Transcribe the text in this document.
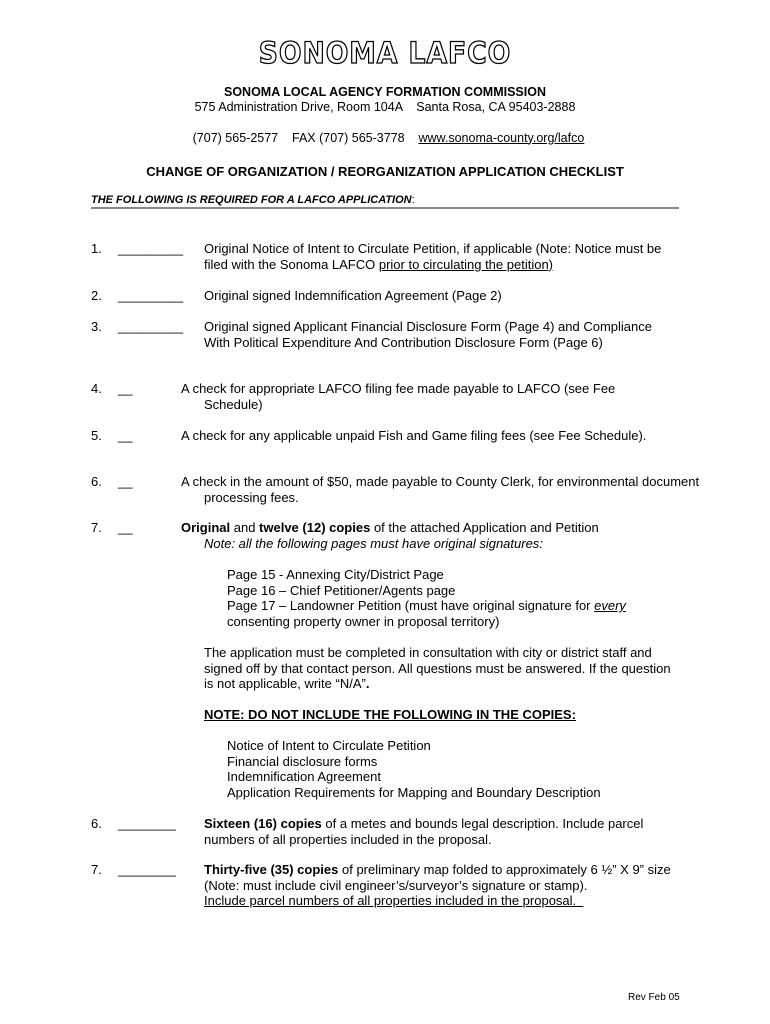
SONOMA LAFCO
SONOMA LOCAL AGENCY FORMATION COMMISSION
575 Administration Drive, Room 104A    Santa Rosa, CA 95403-2888

(707) 565-2577    FAX (707) 565-3778    www.sonoma-county.org/lafco

CHANGE OF ORGANIZATION / REORGANIZATION APPLICATION CHECKLIST
THE FOLLOWING IS REQUIRED FOR A LAFCO APPLICATION:
1. _________ Original Notice of Intent to Circulate Petition, if applicable (Note: Notice must be filed with the Sonoma LAFCO prior to circulating the petition)
2. _________ Original signed Indemnification Agreement (Page 2)
3. _________ Original signed Applicant Financial Disclosure Form (Page 4) and Compliance With Political Expenditure And Contribution Disclosure Form (Page 6)
4. __	A check for appropriate LAFCO filing fee made payable to LAFCO (see Fee Schedule)
5. __	A check for any applicable unpaid Fish and Game filing fees (see Fee Schedule).
6. __	A check in the amount of $50, made payable to County Clerk, for environmental document processing fees.
7. __	Original and twelve (12) copies of the attached Application and Petition
Note: all the following pages must have original signatures:
Page 15 - Annexing City/District Page
Page 16 – Chief Petitioner/Agents page
Page 17 – Landowner Petition (must have original signature for every
consenting property owner in proposal territory)
The application must be completed in consultation with city or district staff and signed off by that contact person. All questions must be answered. If the question is not applicable, write “N/A”.
NOTE: DO NOT INCLUDE THE FOLLOWING IN THE COPIES:
Notice of Intent to Circulate Petition
Financial disclosure forms
Indemnification Agreement
Application Requirements for Mapping and Boundary Description
6. ________ Sixteen (16) copies of a metes and bounds legal description. Include parcel numbers of all properties included in the proposal.
7. ________ Thirty-five (35) copies of preliminary map folded to approximately 6 ½” X 9” size (Note: must include civil engineer’s/surveyor’s signature or stamp).
Include parcel numbers of all properties included in the proposal.
Rev Feb 05
